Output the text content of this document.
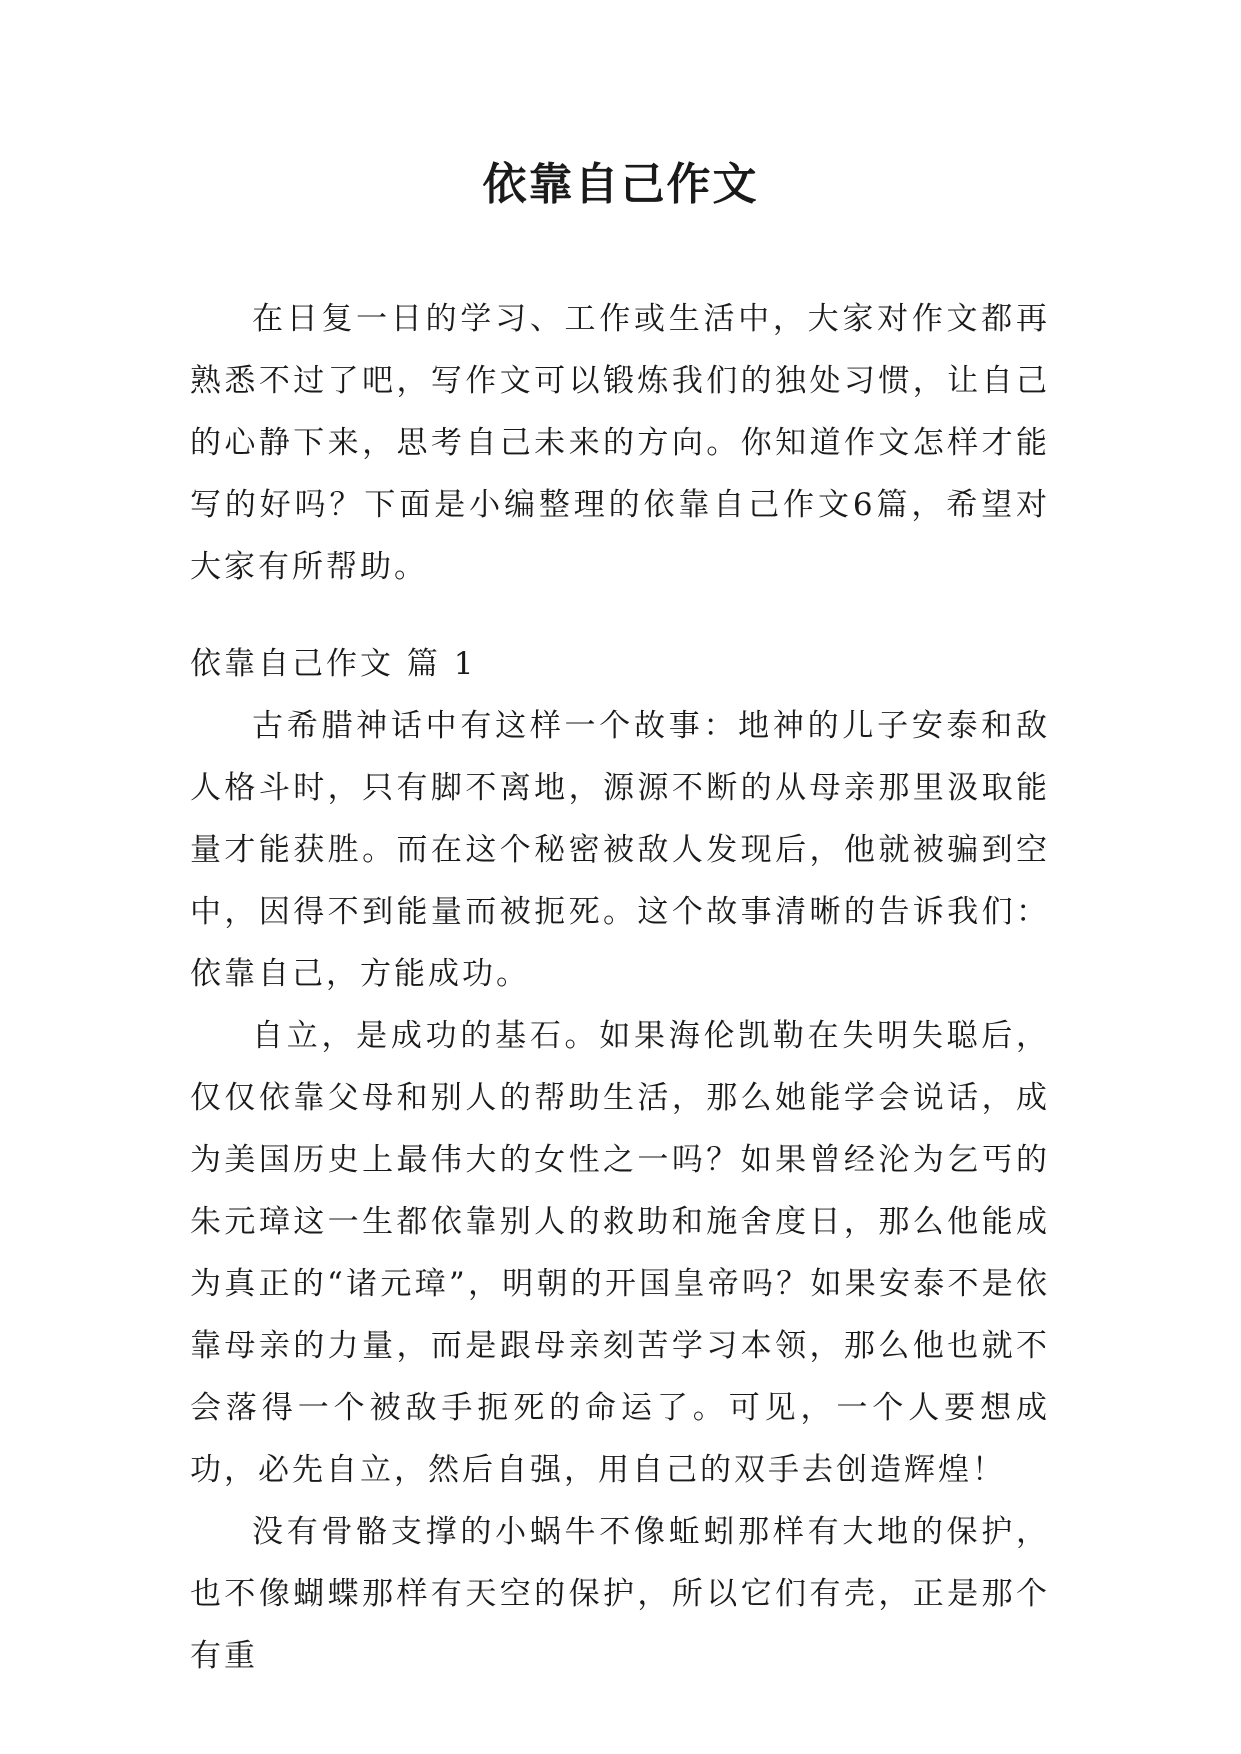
依靠自己作文

在日复一日的学习、工作或生活中，大家对作文都再熟悉不过了吧，写作文可以锻炼我们的独处习惯，让自己的心静下来，思考自己未来的方向。你知道作文怎样才能写的好吗？下面是小编整理的依靠自己作文6篇，希望对大家有所帮助。

依靠自己作文 篇 1

古希腊神话中有这样一个故事：地神的儿子安泰和敌人格斗时，只有脚不离地，源源不断的从母亲那里汲取能量才能获胜。而在这个秘密被敌人发现后，他就被骗到空中，因得不到能量而被扼死。这个故事清晰的告诉我们：依靠自己，方能成功。

自立，是成功的基石。如果海伦凯勒在失明失聪后，仅仅依靠父母和别人的帮助生活，那么她能学会说话，成为美国历史上最伟大的女性之一吗？如果曾经沦为乞丐的朱元璋这一生都依靠别人的救助和施舍度日，那么他能成为真正的“诸元璋”，明朝的开国皇帝吗？如果安泰不是依靠母亲的力量，而是跟母亲刻苦学习本领，那么他也就不会落得一个被敌手扼死的命运了。可见，一个人要想成功，必先自立，然后自强，用自己的双手去创造辉煌！

没有骨骼支撑的小蜗牛不像蚯蚓那样有大地的保护，也不像蝴蝶那样有天空的保护，所以它们有壳，正是那个有重
